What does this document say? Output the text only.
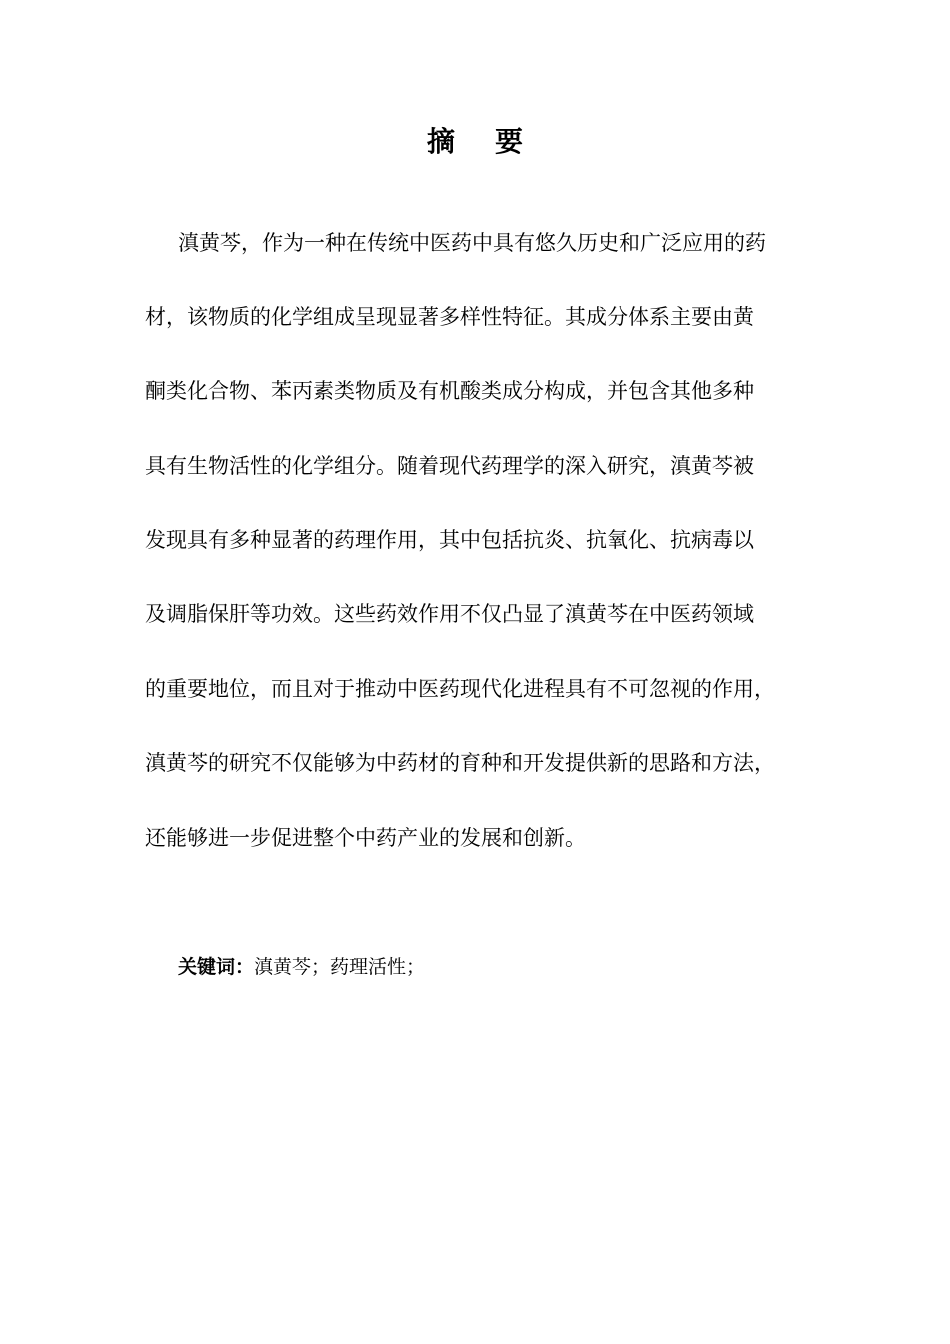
摘 要
滇黄芩，作为一种在传统中医药中具有悠久历史和广泛应用的药
材，该物质的化学组成呈现显著多样性特征。其成分体系主要由黄
酮类化合物、苯丙素类物质及有机酸类成分构成，并包含其他多种
具有生物活性的化学组分。随着现代药理学的深入研究，滇黄芩被
发现具有多种显著的药理作用，其中包括抗炎、抗氧化、抗病毒以
及调脂保肝等功效。这些药效作用不仅凸显了滇黄芩在中医药领域
的重要地位，而且对于推动中医药现代化进程具有不可忽视的作用，
滇黄芩的研究不仅能够为中药材的育种和开发提供新的思路和方法，
还能够进一步促进整个中药产业的发展和创新。
关键词：滇黄芩；药理活性；
